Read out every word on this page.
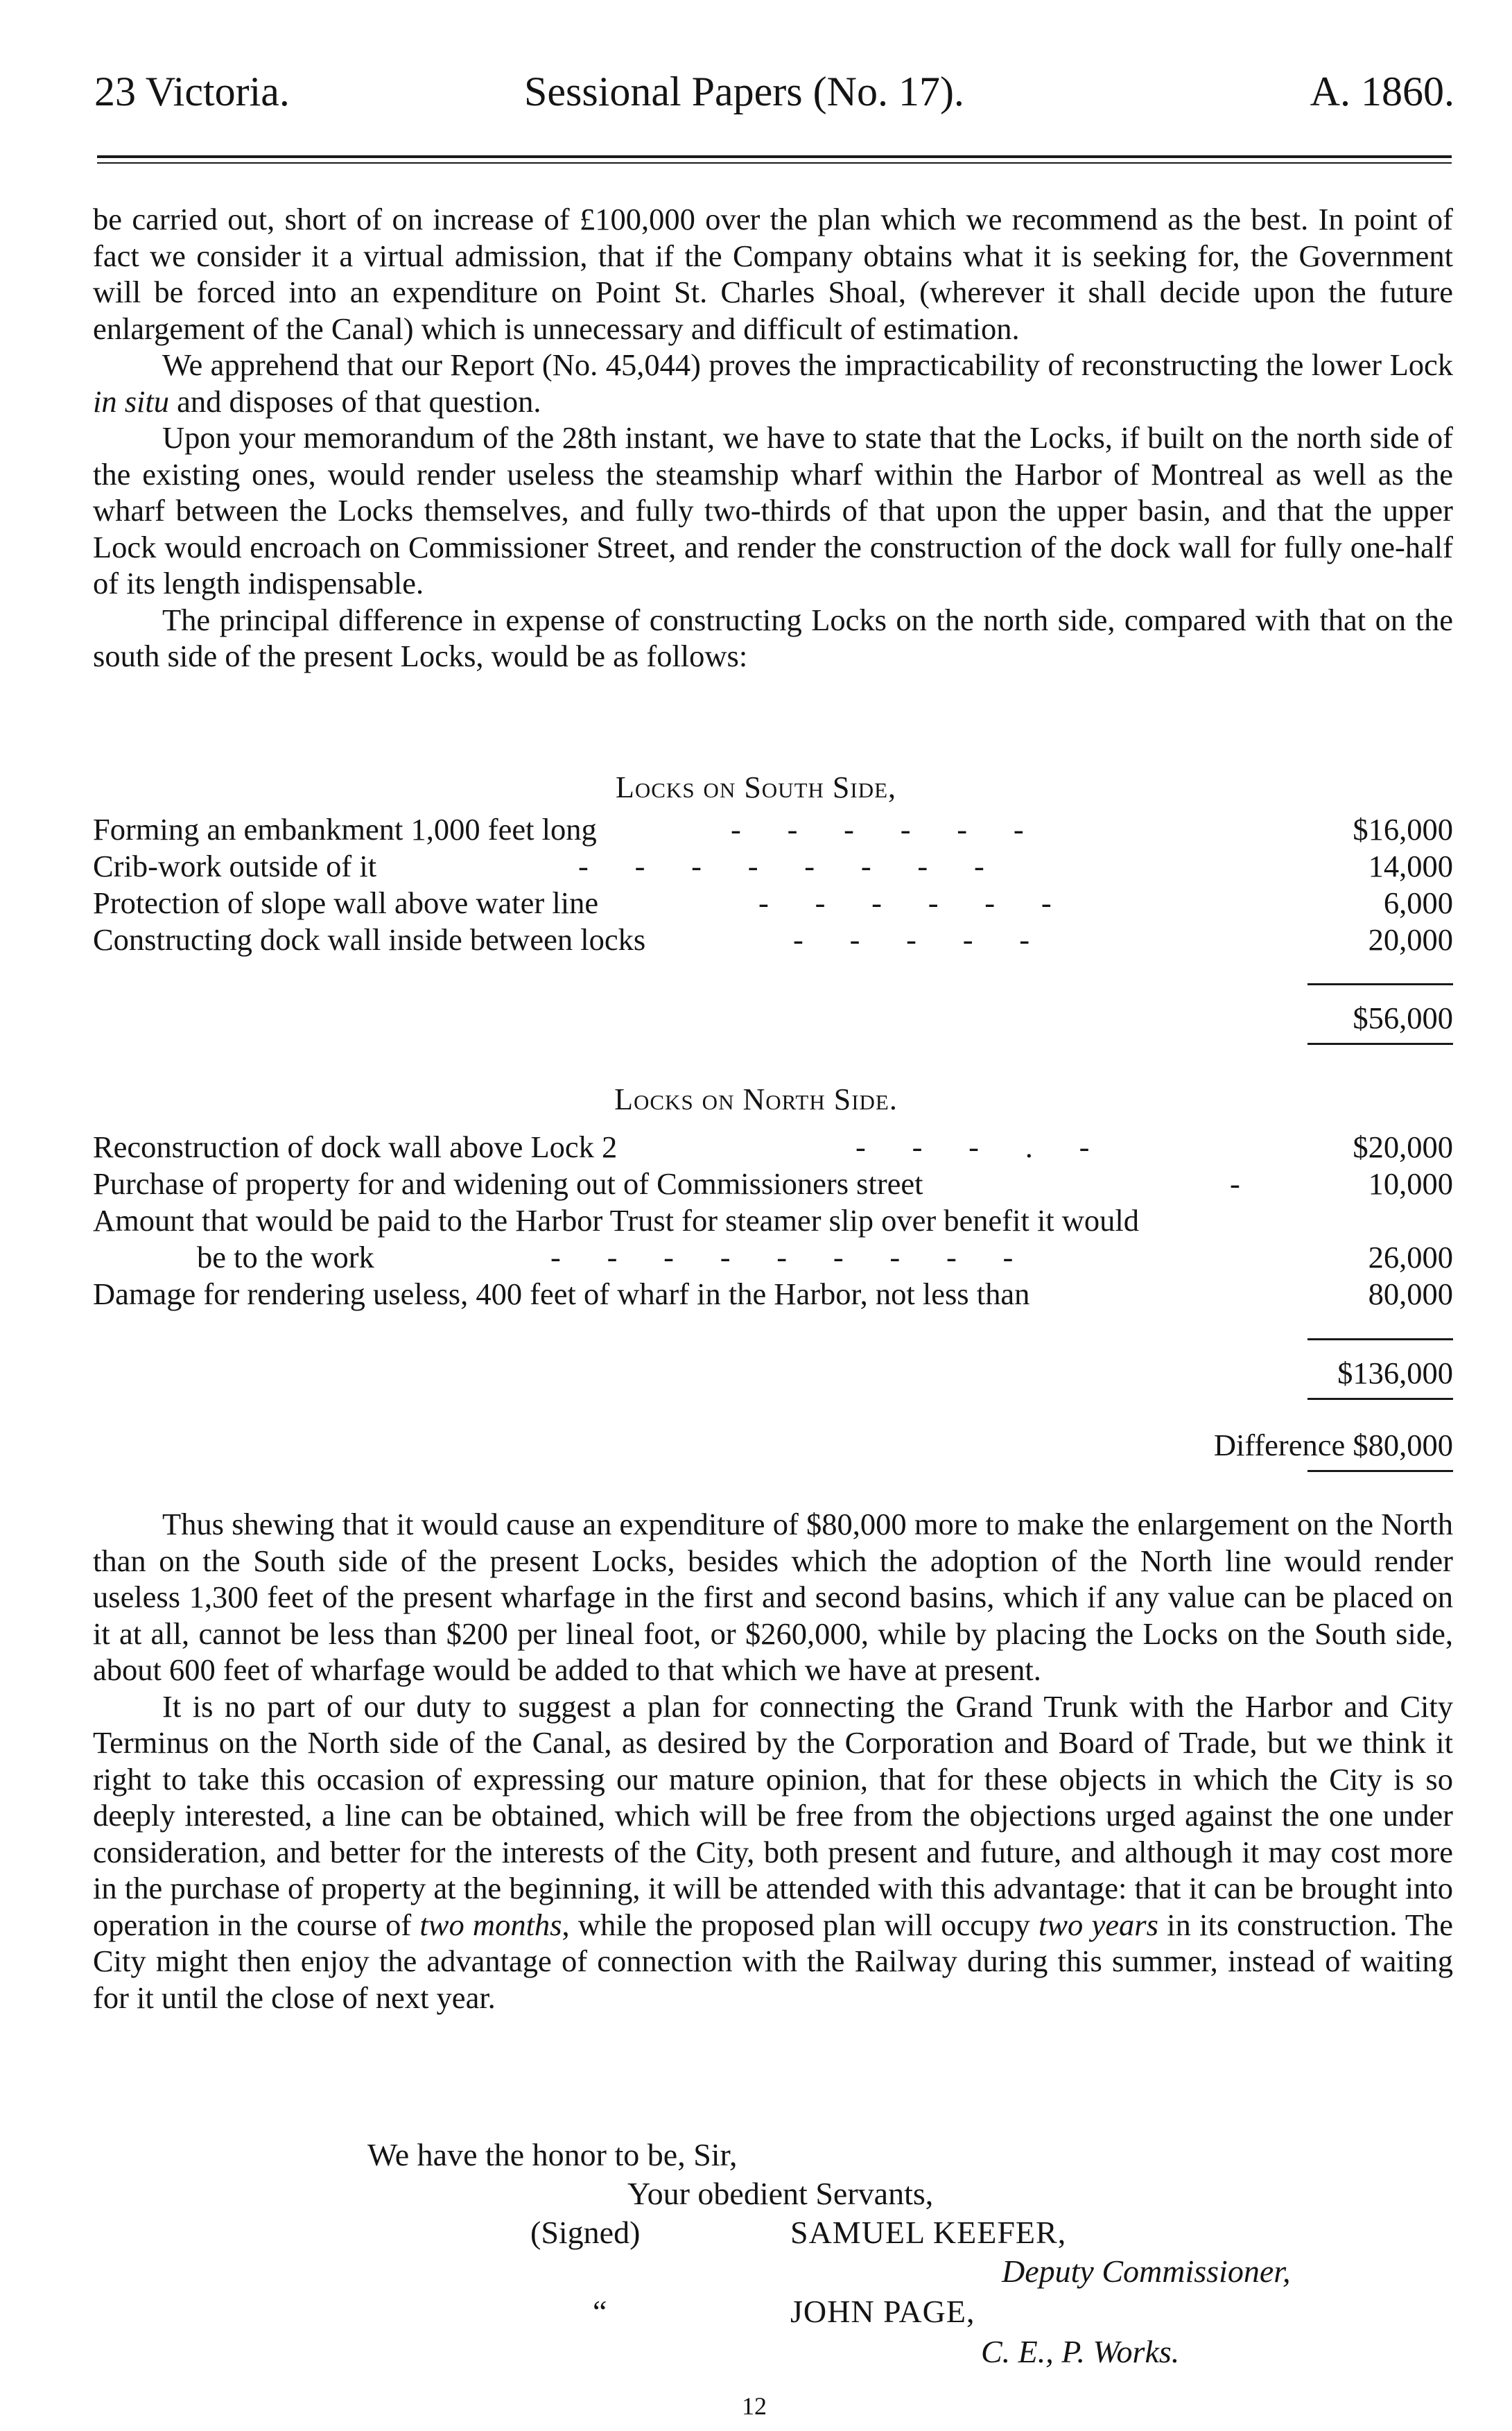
23 Victoria.	Sessional Papers (No. 17).	A. 1860.

be carried out, short of on increase of £100,000 over the plan which we recommend as the best. In point of fact we consider it a virtual admission, that if the Company obtains what it is seeking for, the Government will be forced into an expenditure on Point St. Charles Shoal, (wherever it shall decide upon the future enlargement of the Canal) which is unnecessary and difficult of estimation.

We apprehend that our Report (No. 45,044) proves the impracticability of reconstructing the lower Lock in situ and disposes of that question.

Upon your memorandum of the 28th instant, we have to state that the Locks, if built on the north side of the existing ones, would render useless the steamship wharf within the Harbor of Montreal as well as the wharf between the Locks themselves, and fully two-thirds of that upon the upper basin, and that the upper Lock would encroach on Commissioner Street, and render the construction of the dock wall for fully one-half of its length indispensable.

The principal difference in expense of constructing Locks on the north side, compared with that on the south side of the present Locks, would be as follows:

Locks on South Side,
Forming an embankment 1,000 feet long	-      -      -      -      -      -	$16,000
Crib-work outside of it	-      -      -      -      -      -      -      -	14,000
Protection of slope wall above water line	-      -      -      -      -      -	6,000
Constructing dock wall inside between locks	-      -      -      -      -	20,000
$56,000
Locks on North Side.
Reconstruction of dock wall above Lock 2	-      -      -      .      -	$20,000
Purchase of property for and widening out of Commissioners street	-	10,000
Amount that would be paid to the Harbor Trust for steamer slip over benefit it would
be to the work	-      -      -      -      -      -      -      -      -	26,000
Damage for rendering useless, 400 feet of wharf in the Harbor, not less than	80,000
$136,000
Difference $80,000

Thus shewing that it would cause an expenditure of $80,000 more to make the enlargement on the North than on the South side of the present Locks, besides which the adoption of the North line would render useless 1,300 feet of the present wharfage in the first and second basins, which if any value can be placed on it at all, cannot be less than $200 per lineal foot, or $260,000, while by placing the Locks on the South side, about 600 feet of wharfage would be added to that which we have at present.

It is no part of our duty to suggest a plan for connecting the Grand Trunk with the Harbor and City Terminus on the North side of the Canal, as desired by the Corporation and Board of Trade, but we think it right to take this occasion of expressing our mature opinion, that for these objects in which the City is so deeply interested, a line can be obtained, which will be free from the objections urged against the one under consideration, and better for the interests of the City, both present and future, and although it may cost more in the purchase of property at the beginning, it will be attended with this advantage: that it can be brought into operation in the course of two months, while the proposed plan will occupy two years in its construction. The City might then enjoy the advantage of connection with the Railway during this summer, instead of waiting for it until the close of next year.

We have the honor to be, Sir,
Your obedient Servants,
(Signed)	SAMUEL KEEFER,
Deputy Commissioner,
“	JOHN PAGE,
C. E., P. Works.
12
